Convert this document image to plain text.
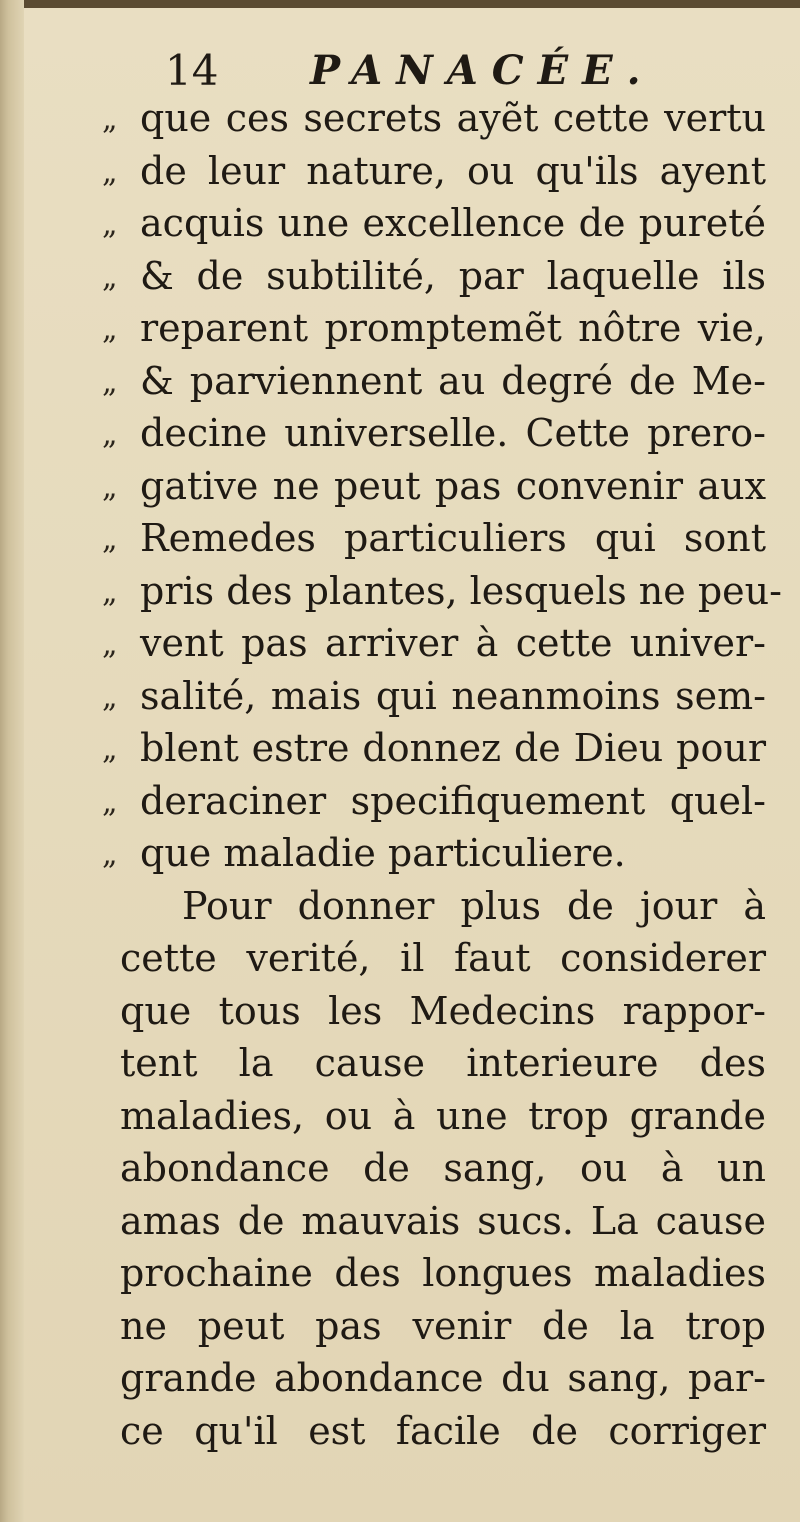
14 PANACÉE.
„ que ces secrets ayẽt cette vertu
„ de leur nature, ou qu'ils ayent
„ acquis une excellence de pureté
„ & de subtilité, par laquelle ils
„ reparent promptemẽt nôtre vie,
„ & parviennent au degré de Me-
„ decine universelle. Cette prero-
„ gative ne peut pas convenir aux
„ Remedes particuliers qui sont
„ pris des plantes, lesquels ne peu-
„ vent pas arriver à cette univer-
„ salité, mais qui neanmoins sem-
„ blent estre donnez de Dieu pour
„ deraciner specifiquement quel-
„ que maladie particuliere.
Pour donner plus de jour à
cette verité, il faut considerer
que tous les Medecins rappor-
tent la cause interieure des
maladies, ou à une trop grande
abondance de sang, ou à un
amas de mauvais sucs. La cause
prochaine des longues maladies
ne peut pas venir de la trop
grande abondance du sang, par-
ce qu'il est facile de corriger
